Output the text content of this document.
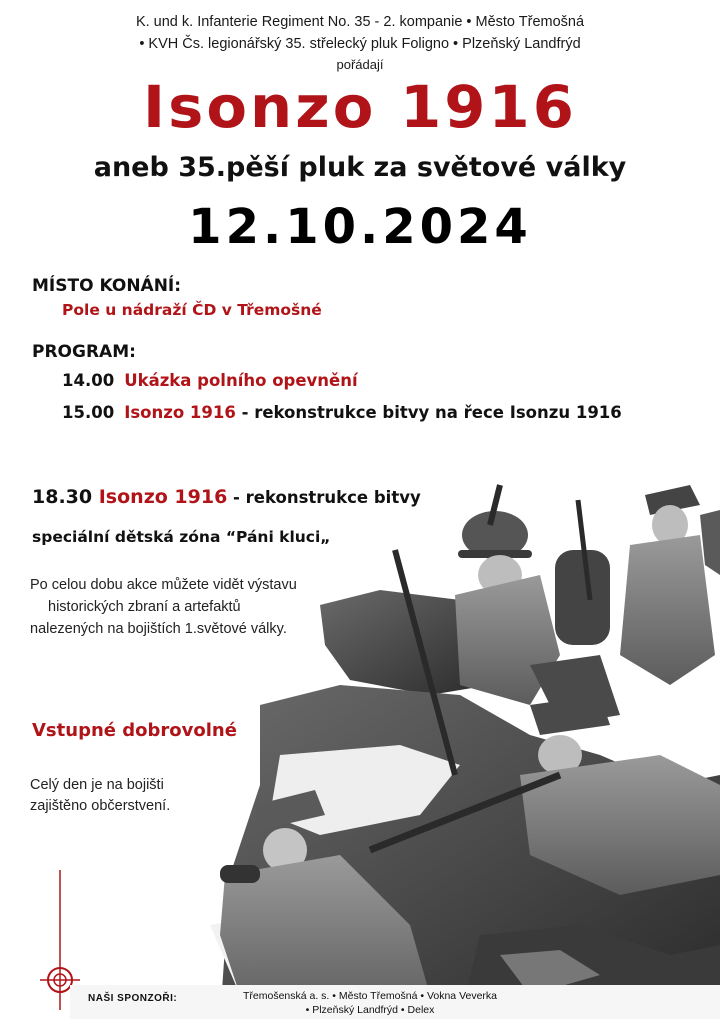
K. und k. Infanterie Regiment No. 35 - 2. kompanie • Město Třemošná
• KVH Čs. legionářský 35. střelecký pluk Foligno • Plzeňský Landfrýd
pořádají
Isonzo 1916
aneb 35.pěší pluk za světové války
12.10.2024
MÍSTO KONÁNÍ:
Pole u nádraží ČD v Třemošné
PROGRAM:
14.00 Ukázka polního opevnění
15.00 Isonzo 1916 - rekonstrukce bitvy na řece Isonzu 1916
18.30 Isonzo 1916 - rekonstrukce bitvy
speciální dětská zóna “Páni kluci„
Po celou dobu akce můžete vidět výstavu
historických zbraní a artefaktů
nalezených na bojištích 1.světové války.
Vstupné dobrovolné
Celý den je na bojišti
zajištěno občerstvení.
NAŠI SPONZOŘI:	Třemošenská a. s. • Město Třemošná • Vokna Veverka
• Plzeňský Landfrýd • Delex
